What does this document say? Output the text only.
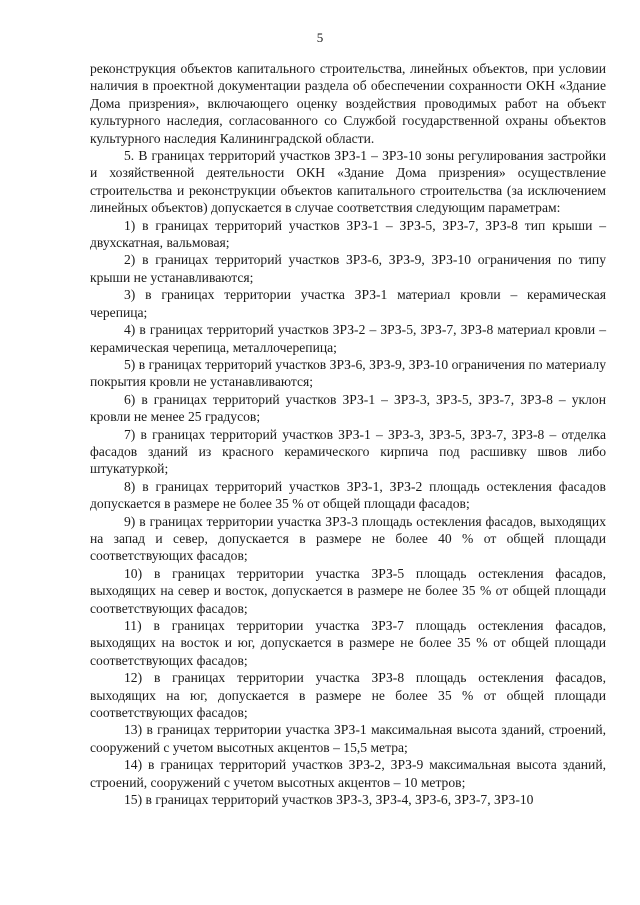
5

реконструкция объектов капитального строительства, линейных объектов, при условии наличия в проектной документации раздела об обеспечении сохранности ОКН «Здание Дома призрения», включающего оценку воздействия проводимых работ на объект культурного наследия, согласованного со Службой государственной охраны объектов культурного наследия Калининградской области.

5. В границах территорий участков ЗРЗ-1 – ЗРЗ-10 зоны регулирования застройки и хозяйственной деятельности ОКН «Здание Дома призрения» осуществление строительства и реконструкции объектов капитального строительства (за исключением линейных объектов) допускается в случае соответствия следующим параметрам:

1) в границах территорий участков ЗРЗ-1 – ЗРЗ-5, ЗРЗ-7, ЗРЗ-8 тип крыши – двухскатная, вальмовая;

2) в границах территорий участков ЗРЗ-6, ЗРЗ-9, ЗРЗ-10 ограничения по типу крыши не устанавливаются;

3) в границах территории участка ЗРЗ-1 материал кровли – керамическая черепица;

4) в границах территорий участков ЗРЗ-2 – ЗРЗ-5, ЗРЗ-7, ЗРЗ-8 материал кровли – керамическая черепица, металлочерепица;

5) в границах территорий участков ЗРЗ-6, ЗРЗ-9, ЗРЗ-10 ограничения по материалу покрытия кровли не устанавливаются;

6) в границах территорий участков ЗРЗ-1 – ЗРЗ-3, ЗРЗ-5, ЗРЗ-7, ЗРЗ-8 – уклон кровли не менее 25 градусов;

7) в границах территорий участков ЗРЗ-1 – ЗРЗ-3, ЗРЗ-5, ЗРЗ-7, ЗРЗ-8 – отделка фасадов зданий из красного керамического кирпича под расшивку швов либо штукатуркой;

8) в границах территорий участков ЗРЗ-1, ЗРЗ-2 площадь остекления фасадов допускается в размере не более 35 % от общей площади фасадов;

9) в границах территории участка ЗРЗ-3 площадь остекления фасадов, выходящих на запад и север, допускается в размере не более 40 % от общей площади соответствующих фасадов;

10) в границах территории участка ЗРЗ-5 площадь остекления фасадов, выходящих на север и восток, допускается в размере не более 35 % от общей площади соответствующих фасадов;

11) в границах территории участка ЗРЗ-7 площадь остекления фасадов, выходящих на восток и юг, допускается в размере не более 35 % от общей площади соответствующих фасадов;

12) в границах территории участка ЗРЗ-8 площадь остекления фасадов, выходящих на юг, допускается в размере не более 35 % от общей площади соответствующих фасадов;

13) в границах территории участка ЗРЗ-1 максимальная высота зданий, строений, сооружений с учетом высотных акцентов – 15,5 метра;

14) в границах территорий участков ЗРЗ-2, ЗРЗ-9 максимальная высота зданий, строений, сооружений с учетом высотных акцентов – 10 метров;

15) в границах территорий участков ЗРЗ-3, ЗРЗ-4, ЗРЗ-6, ЗРЗ-7, ЗРЗ-10
